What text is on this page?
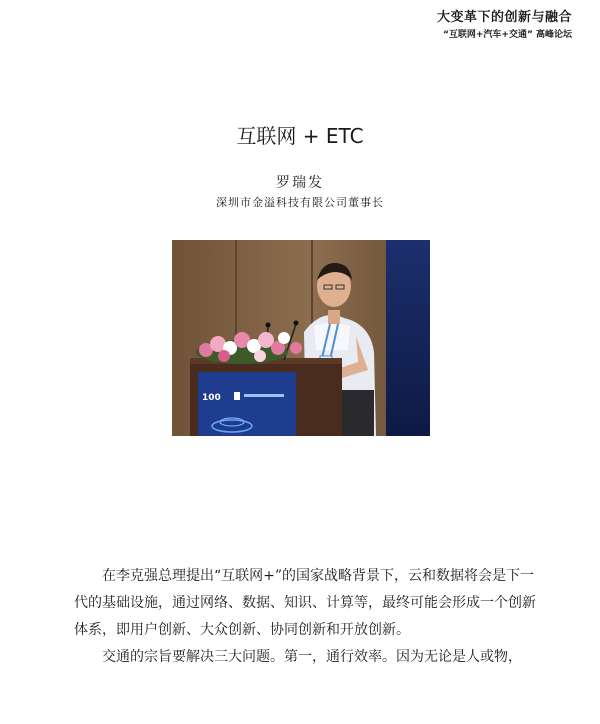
大变革下的创新与融合
“互联网+汽车+交通” 高峰论坛
互联网 + ETC
罗瑞发
深圳市金溢科技有限公司董事长
100

在李克强总理提出“互联网+”的国家战略背景下，云和数据将会是下一代的基础设施，通过网络、数据、知识、计算等，最终可能会形成一个创新体系，即用户创新、大众创新、协同创新和开放创新。

交通的宗旨要解决三大问题。第一，通行效率。因为无论是人或物，
